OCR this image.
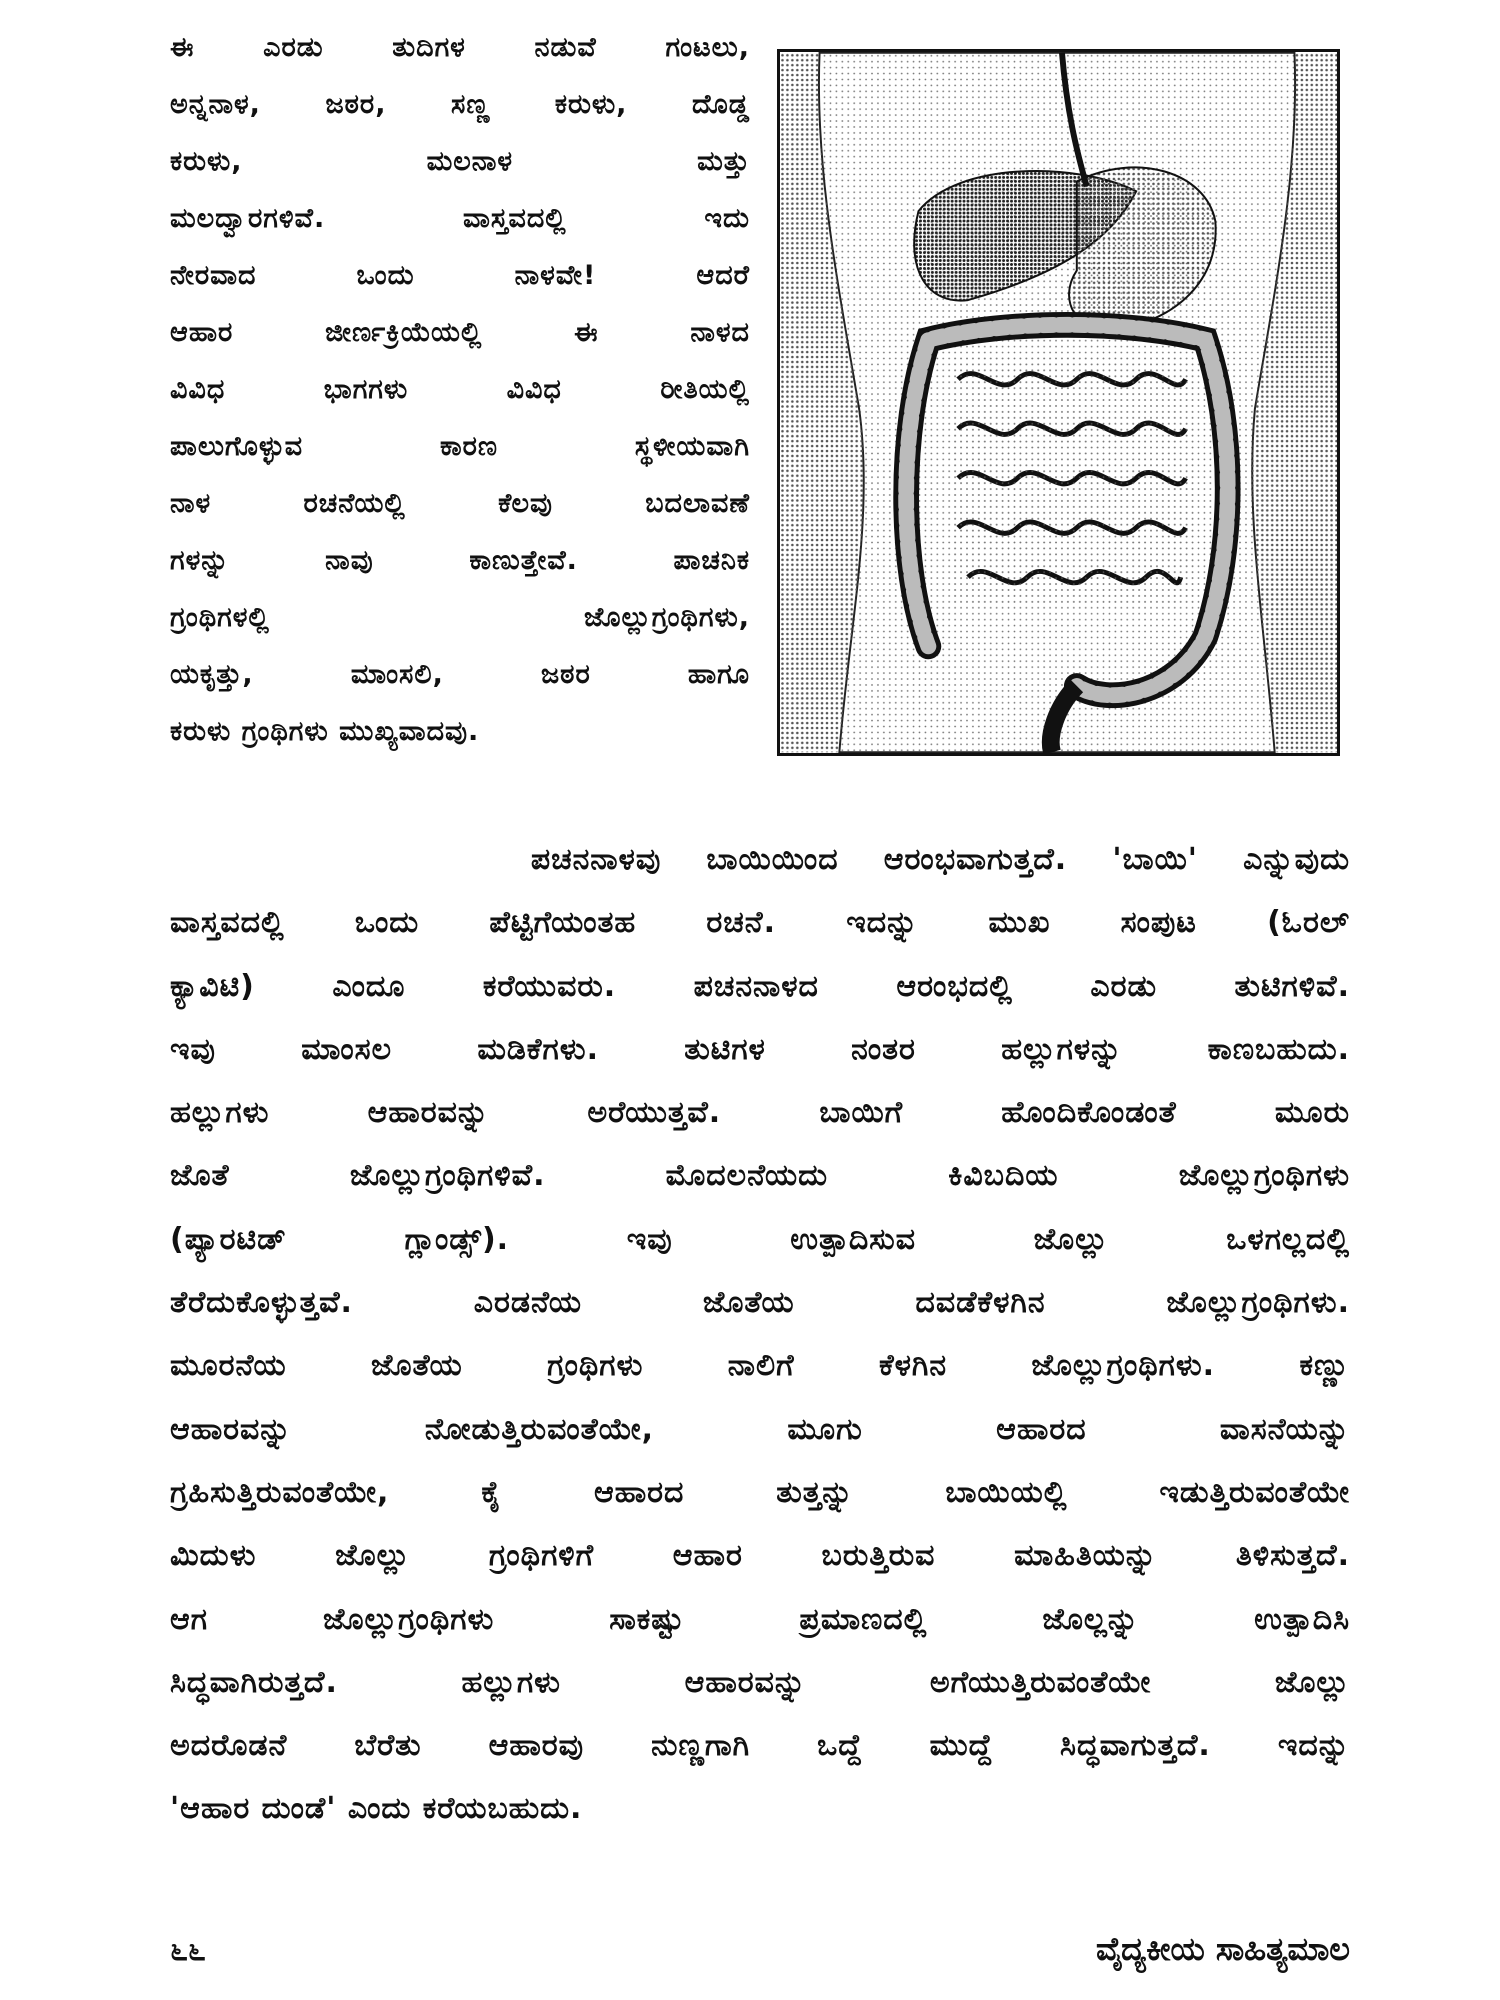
ಈ ಎರಡು ತುದಿಗಳ ನಡುವೆ ಗಂಟಲು,
ಅನ್ನನಾಳ, ಜಠರ, ಸಣ್ಣ ಕರುಳು, ದೊಡ್ಡ
ಕರುಳು, ಮಲನಾಳ ಮತ್ತು
ಮಲದ್ವಾರಗಳಿವೆ. ವಾಸ್ತವದಲ್ಲಿ ಇದು
ನೇರವಾದ ಒಂದು ನಾಳವೇ! ಆದರೆ
ಆಹಾರ ಜೀರ್ಣಕ್ರಿಯೆಯಲ್ಲಿ ಈ ನಾಳದ
ವಿವಿಧ ಭಾಗಗಳು ವಿವಿಧ ರೀತಿಯಲ್ಲಿ
ಪಾಲುಗೊಳ್ಳುವ ಕಾರಣ ಸ್ಥಳೀಯವಾಗಿ
ನಾಳ ರಚನೆಯಲ್ಲಿ ಕೆಲವು ಬದಲಾವಣೆ
ಗಳನ್ನು ನಾವು ಕಾಣುತ್ತೇವೆ. ಪಾಚನಿಕ
ಗ್ರಂಥಿಗಳಲ್ಲಿ ಜೊಲ್ಲುಗ್ರಂಥಿಗಳು,
ಯಕೃತ್ತು, ಮಾಂಸಲಿ, ಜಠರ ಹಾಗೂ
ಕರುಳು ಗ್ರಂಥಿಗಳು ಮುಖ್ಯವಾದವು.
ಪಚನನಾಳವು ಬಾಯಿಯಿಂದ ಆರಂಭವಾಗುತ್ತದೆ. 'ಬಾಯಿ' ಎನ್ನುವುದು
ವಾಸ್ತವದಲ್ಲಿ ಒಂದು ಪೆಟ್ಟಿಗೆಯಂತಹ ರಚನೆ. ಇದನ್ನು ಮುಖ ಸಂಪುಟ (ಓರಲ್
ಕ್ಯಾವಿಟಿ) ಎಂದೂ ಕರೆಯುವರು. ಪಚನನಾಳದ ಆರಂಭದಲ್ಲಿ ಎರಡು ತುಟಿಗಳಿವೆ.
ಇವು ಮಾಂಸಲ ಮಡಿಕೆಗಳು. ತುಟಿಗಳ ನಂತರ ಹಲ್ಲುಗಳನ್ನು ಕಾಣಬಹುದು.
ಹಲ್ಲುಗಳು ಆಹಾರವನ್ನು ಅರೆಯುತ್ತವೆ. ಬಾಯಿಗೆ ಹೊಂದಿಕೊಂಡಂತೆ ಮೂರು
ಜೊತೆ ಜೊಲ್ಲುಗ್ರಂಥಿಗಳಿವೆ. ಮೊದಲನೆಯದು ಕಿವಿಬದಿಯ ಜೊಲ್ಲುಗ್ರಂಥಿಗಳು
(ಪ್ಯಾರಟಿಡ್ ಗ್ಲಾಂಡ್ಸ್). ಇವು ಉತ್ಪಾದಿಸುವ ಜೊಲ್ಲು ಒಳಗಲ್ಲದಲ್ಲಿ
ತೆರೆದುಕೊಳ್ಳುತ್ತವೆ. ಎರಡನೆಯ ಜೊತೆಯ ದವಡೆಕೆಳಗಿನ ಜೊಲ್ಲುಗ್ರಂಥಿಗಳು.
ಮೂರನೆಯ ಜೊತೆಯ ಗ್ರಂಥಿಗಳು ನಾಲಿಗೆ ಕೆಳಗಿನ ಜೊಲ್ಲುಗ್ರಂಥಿಗಳು. ಕಣ್ಣು
ಆಹಾರವನ್ನು ನೋಡುತ್ತಿರುವಂತೆಯೇ, ಮೂಗು ಆಹಾರದ ವಾಸನೆಯನ್ನು
ಗ್ರಹಿಸುತ್ತಿರುವಂತೆಯೇ, ಕೈ ಆಹಾರದ ತುತ್ತನ್ನು ಬಾಯಿಯಲ್ಲಿ ಇಡುತ್ತಿರುವಂತೆಯೇ
ಮಿದುಳು ಜೊಲ್ಲು ಗ್ರಂಥಿಗಳಿಗೆ ಆಹಾರ ಬರುತ್ತಿರುವ ಮಾಹಿತಿಯನ್ನು ತಿಳಿಸುತ್ತದೆ.
ಆಗ ಜೊಲ್ಲುಗ್ರಂಥಿಗಳು ಸಾಕಷ್ಟು ಪ್ರಮಾಣದಲ್ಲಿ ಜೊಲ್ಲನ್ನು ಉತ್ಪಾದಿಸಿ
ಸಿದ್ಧವಾಗಿರುತ್ತದೆ. ಹಲ್ಲುಗಳು ಆಹಾರವನ್ನು ಅಗೆಯುತ್ತಿರುವಂತೆಯೇ ಜೊಲ್ಲು
ಅದರೊಡನೆ ಬೆರೆತು ಆಹಾರವು ನುಣ್ಣಗಾಗಿ ಒದ್ದೆ ಮುದ್ದೆ ಸಿದ್ಧವಾಗುತ್ತದೆ. ಇದನ್ನು
'ಆಹಾರ ದುಂಡೆ' ಎಂದು ಕರೆಯಬಹುದು.
೬೬	ವೈದ್ಯಕೀಯ ಸಾಹಿತ್ಯಮಾಲ
